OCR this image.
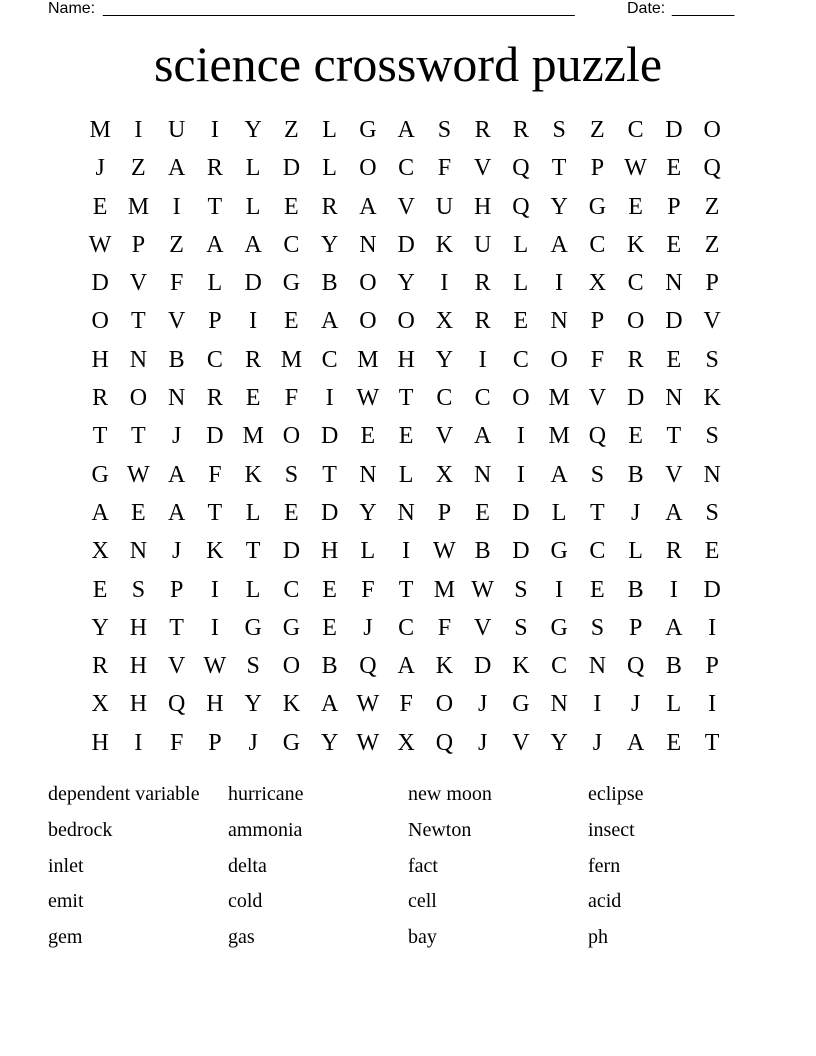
Name: _____________________________________________________	Date: _______
science crossword puzzle
M I	U	I	Y Z L G A S R R S	Z C D O
J	Z A R L D L O C F V Q T	P W E Q
E M I	T L E R A V U H Q Y G E	P	Z
W P	Z A A C Y N D K U L A C K E Z
D V F	L D G B O Y	I	R L	I	X C N P
O T V P	I	E A O O X R E N P O D V
H N B C R M C M H Y	I	C O F R E	S
R O N R E	F	I W T C C O M V D N K
T T	J	D M O D E E V A	I M Q E T	S
G W A F K S	T N L X N	I	A S B V N
A E A T L E D Y N P	E D L T	J	A S
X N	J	K T D H L	I W B D G C L R E
E	S	P	I	L C E	F	T M W S	I	E B	I	D
Y H T	I	G G E	J	C F V S G S	P A	I
R H V W S O B Q A K D K C N Q B P
X H Q H Y K A W F O	J	G N	I	J	L	I
H	I	F	P	J	G Y W X Q	J	V Y	J	A E T
dependent variable	hurricane	new moon	eclipse
bedrock	ammonia	Newton	insect
inlet	delta	fact	fern
emit	cold	cell	acid
gem	gas	bay	ph
